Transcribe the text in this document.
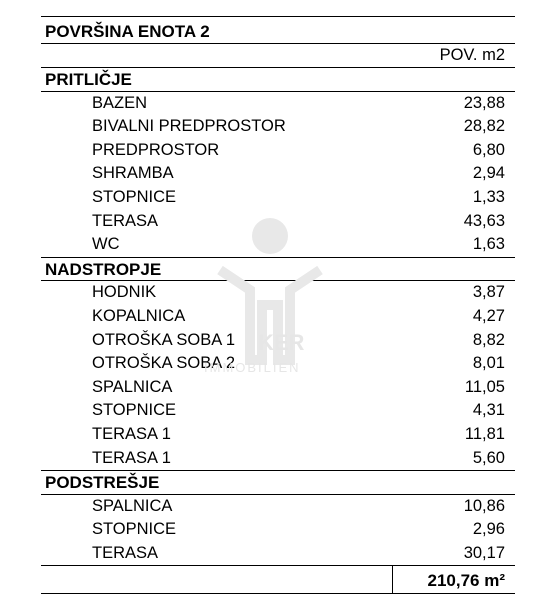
POVRŠINA ENOTA 2
POV. m2
PRITLIČJE
BAZEN	23,88
BIVALNI PREDPROSTOR	28,82
PREDPROSTOR	6,80
SHRAMBA	2,94
STOPNICE	1,33
TERASA	43,63
WC	1,63
NADSTROPJE
HODNIK	3,87
KOPALNICA	4,27
OTROŠKA SOBA 1	8,82
OTROŠKA SOBA 2	8,01
SPALNICA	11,05
STOPNICE	4,31
TERASA 1	11,81
TERASA 1	5,60
PODSTREŠJE
SPALNICA	10,86
STOPNICE	2,96
TERASA	30,17
210,76 m²
KER
IMMOBILIEN
